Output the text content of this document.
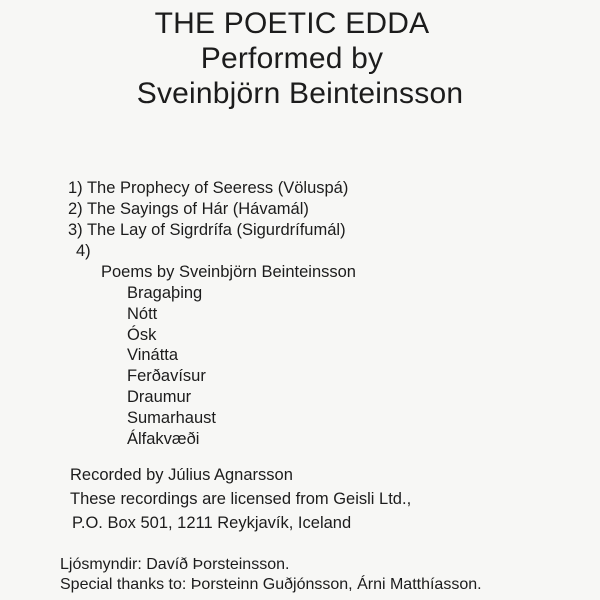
THE POETIC EDDA
Performed by
Sveinbjörn Beinteinsson
1) The Prophecy of Seeress (Völuspá)
2) The Sayings of Hár (Hávamál)
3) The Lay of Sigrdrífa (Sigurdrífumál)
4)
Poems by Sveinbjörn Beinteinsson
Bragaþing
Nótt
Ósk
Vinátta
Ferðavísur
Draumur
Sumarhaust
Álfakvæði
Recorded by Július Agnarsson
These recordings are licensed from Geisli Ltd.,
P.O. Box 501, 1211 Reykjavík, Iceland
Ljósmyndir: Davíð Þorsteinsson.
Special thanks to: Þorsteinn Guðjónsson, Árni Matthíasson.
